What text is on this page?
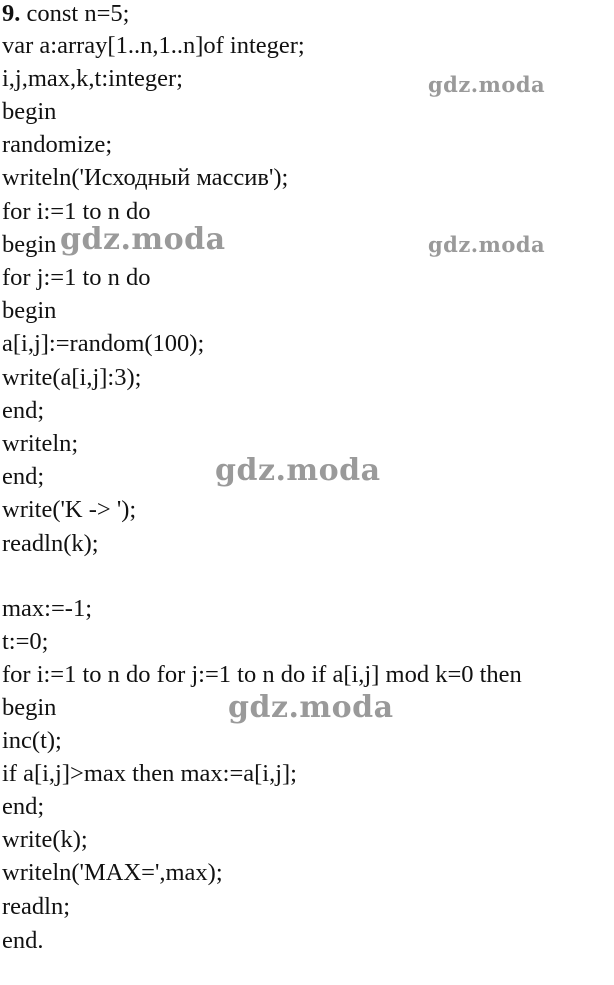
9. const n=5;
var a:array[1..n,1..n]of integer;
i,j,max,k,t:integer;
begin
randomize;
writeln('Исходный массив');
for i:=1 to n do
begin
for j:=1 to n do
begin
a[i,j]:=random(100);
write(a[i,j]:3);
end;
writeln;
end;
write('K -> ');
readln(k);
max:=-1;
t:=0;
for i:=1 to n do for j:=1 to n do if a[i,j] mod k=0 then
begin
inc(t);
if a[i,j]>max then max:=a[i,j];
end;
write(k);
writeln('MAX=',max);
readln;
end.
gdz.moda
gdz.moda	gdz.moda
gdz.moda
gdz.moda
